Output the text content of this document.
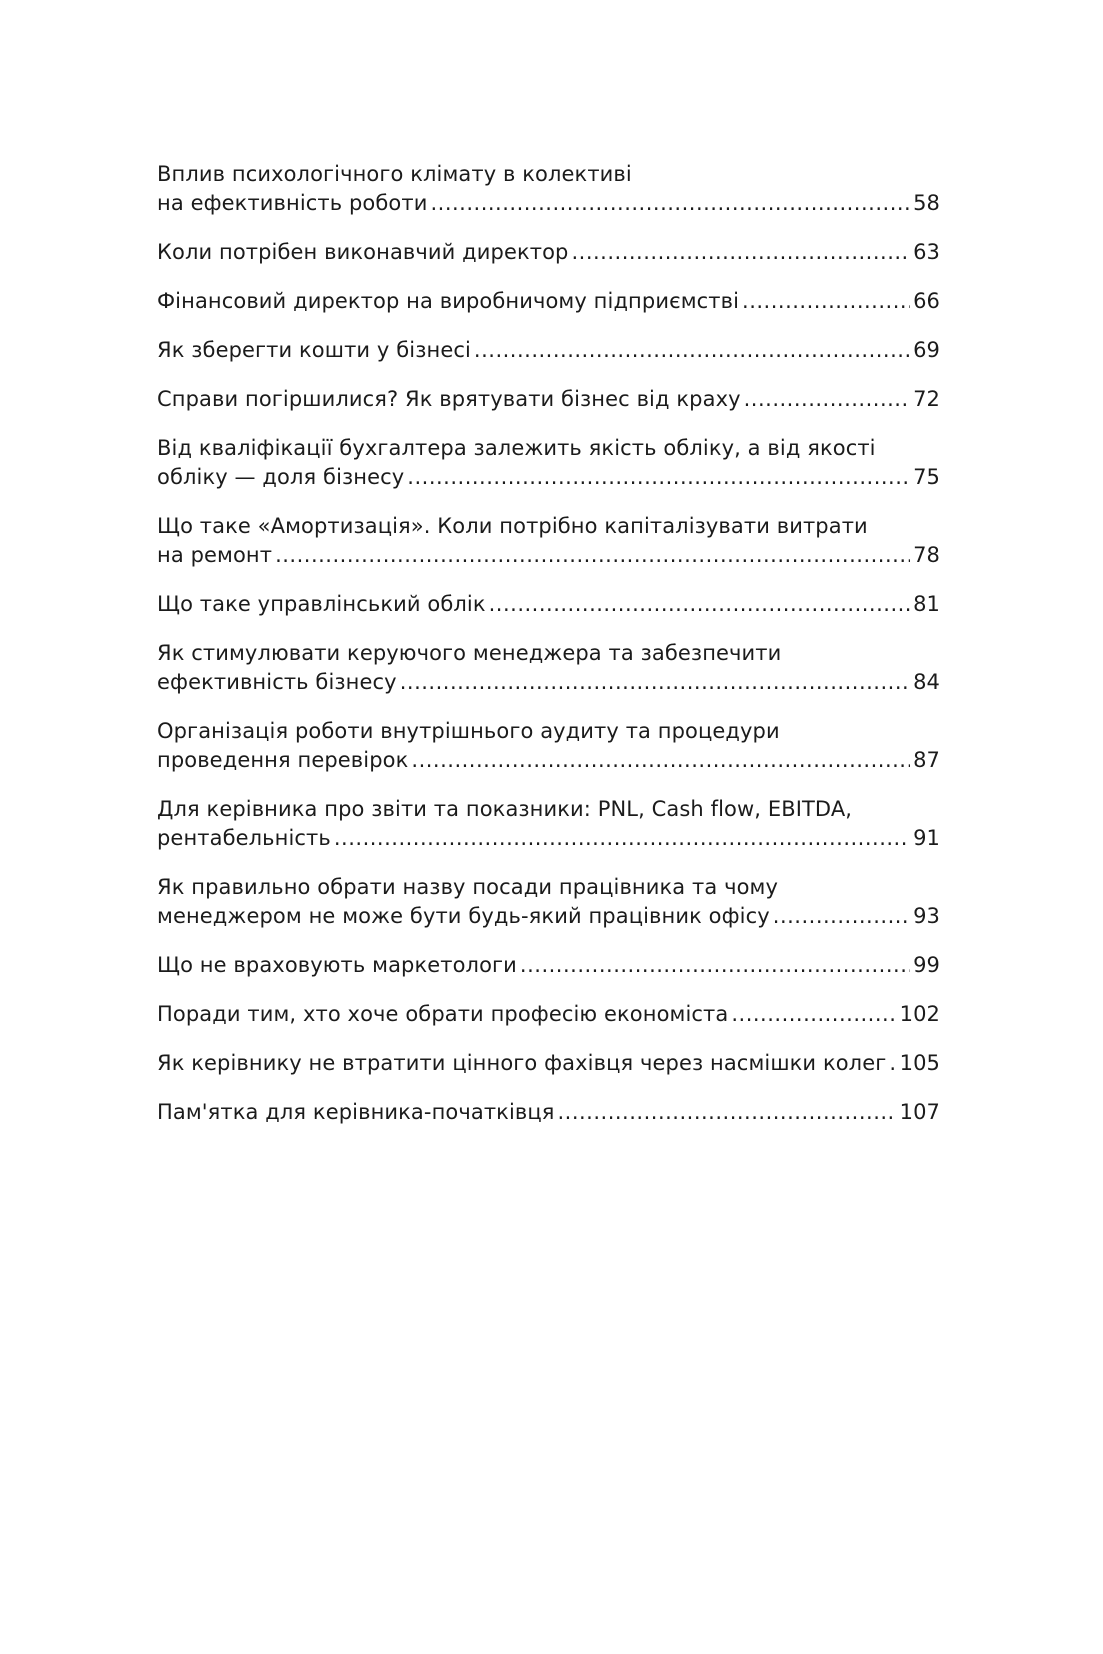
Вплив психологічного клімату в колективі
на ефективність роботи .....	58
Коли потрібен виконавчий директор .....	63
Фінансовий директор на виробничому підприємстві .....	66
Як зберегти кошти у бізнесі .....	69
Справи погіршилися? Як врятувати бізнес від краху .....	72
Від кваліфікації бухгалтера залежить якість обліку, а від якості
обліку — доля бізнесу .....	75
Що таке «Амортизація». Коли потрібно капіталізувати витрати
на ремонт .....	78
Що таке управлінський облік .....	81
Як стимулювати керуючого менеджера та забезпечити
ефективність бізнесу .....	84
Організація роботи внутрішнього аудиту та процедури
проведення перевірок .....	87
Для керівника про звіти та показники: PNL, Cash flow, EBITDA,
рентабельність .....	91
Як правильно обрати назву посади працівника та чому
менеджером не може бути будь-який працівник офісу .....	93
Що не враховують маркетологи .....	99
Поради тим, хто хоче обрати професію економіста .....	102
Як керівнику не втратити цінного фахівця через насмішки колег ..... 105
Пам'ятка для керівника-початківця .....	107
